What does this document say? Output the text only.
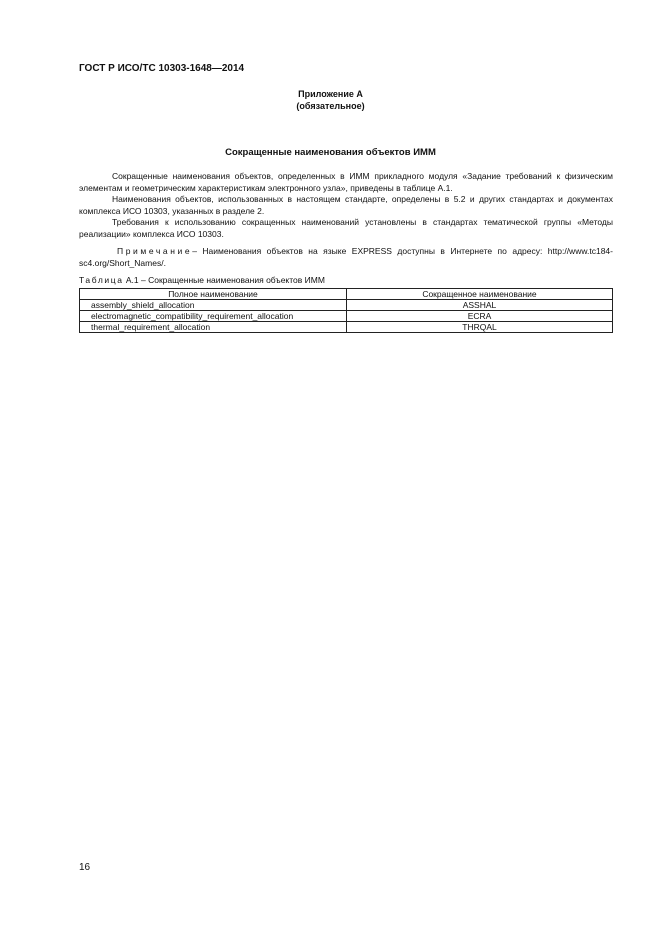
ГОСТ Р ИСО/ТС 10303-1648—2014
Приложение А
(обязательное)
Сокращенные наименования объектов ИММ

Сокращенные наименования объектов, определенных в ИММ прикладного модуля «Задание требований к физическим элементам и геометрическим характеристикам электронного узла», приведены в таблице А.1.

Наименования объектов, использованных в настоящем стандарте, определены в 5.2 и других стандартах и документах комплекса ИСО 10303, указанных в разделе 2.

Требования к использованию сокращенных наименований установлены в стандартах тематической группы «Методы реализации» комплекса ИСО 10303.

Примечание– Наименования объектов на языке EXPRESS доступны в Интернете по адресу: http://www.tc184-sc4.org/Short_Names/.

Таблица А.1 – Сокращенные наименования объектов ИММ
Полное наименование	Сокращенное наименование
assembly_shield_allocation	ASSHAL
electromagnetic_compatibility_requirement_allocation	ECRA
thermal_requirement_allocation	THRQAL
16
